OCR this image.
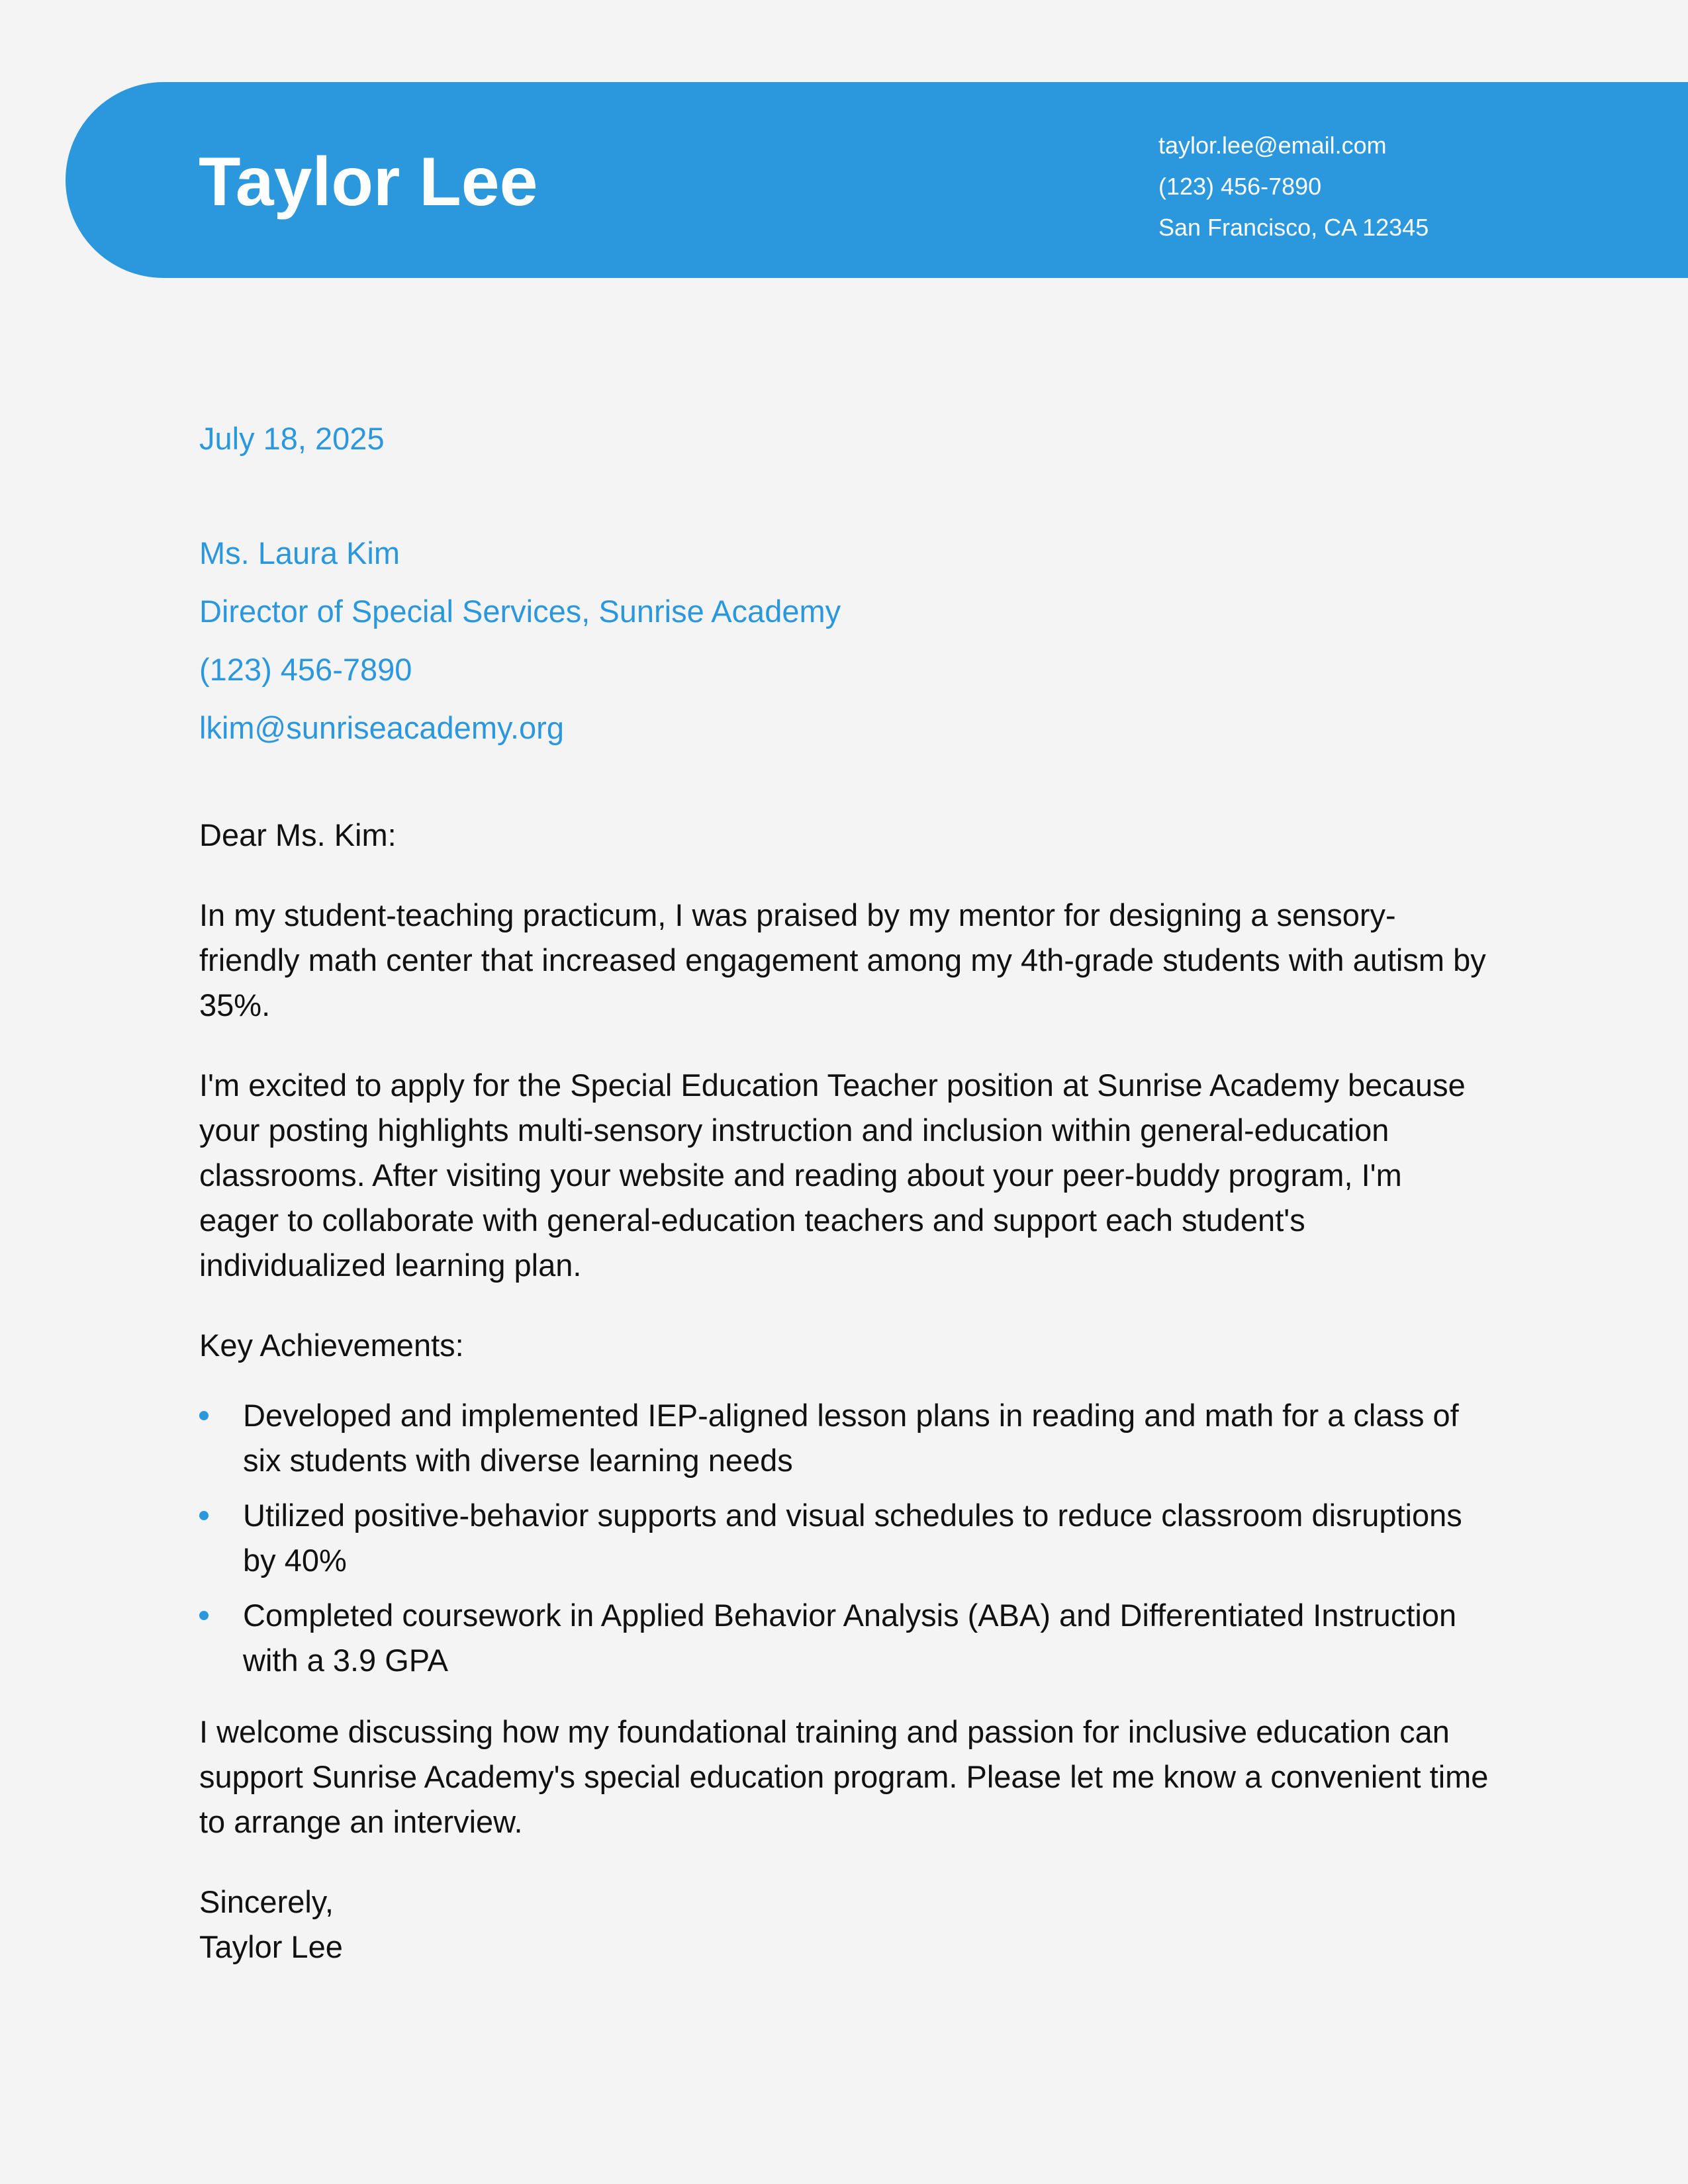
Taylor Lee	taylor.lee@email.com
(123) 456-7890
San Francisco, CA 12345
July 18, 2025
Ms. Laura Kim
Director of Special Services, Sunrise Academy
(123) 456-7890
lkim@sunriseacademy.org

Dear Ms. Kim:

In my student-teaching practicum, I was praised by my mentor for designing a sensory-friendly math center that increased engagement among my 4th-grade students with autism by 35%.

I'm excited to apply for the Special Education Teacher position at Sunrise Academy because your posting highlights multi-sensory instruction and inclusion within general-education classrooms. After visiting your website and reading about your peer-buddy program, I'm eager to collaborate with general-education teachers and support each student's individualized learning plan.

Key Achievements:

Developed and implemented IEP-aligned lesson plans in reading and math for a class of six students with diverse learning needs
Utilized positive-behavior supports and visual schedules to reduce classroom disruptions by 40%
Completed coursework in Applied Behavior Analysis (ABA) and Differentiated Instruction with a 3.9 GPA

I welcome discussing how my foundational training and passion for inclusive education can support Sunrise Academy's special education program. Please let me know a convenient time to arrange an interview.

Sincerely,
Taylor Lee
